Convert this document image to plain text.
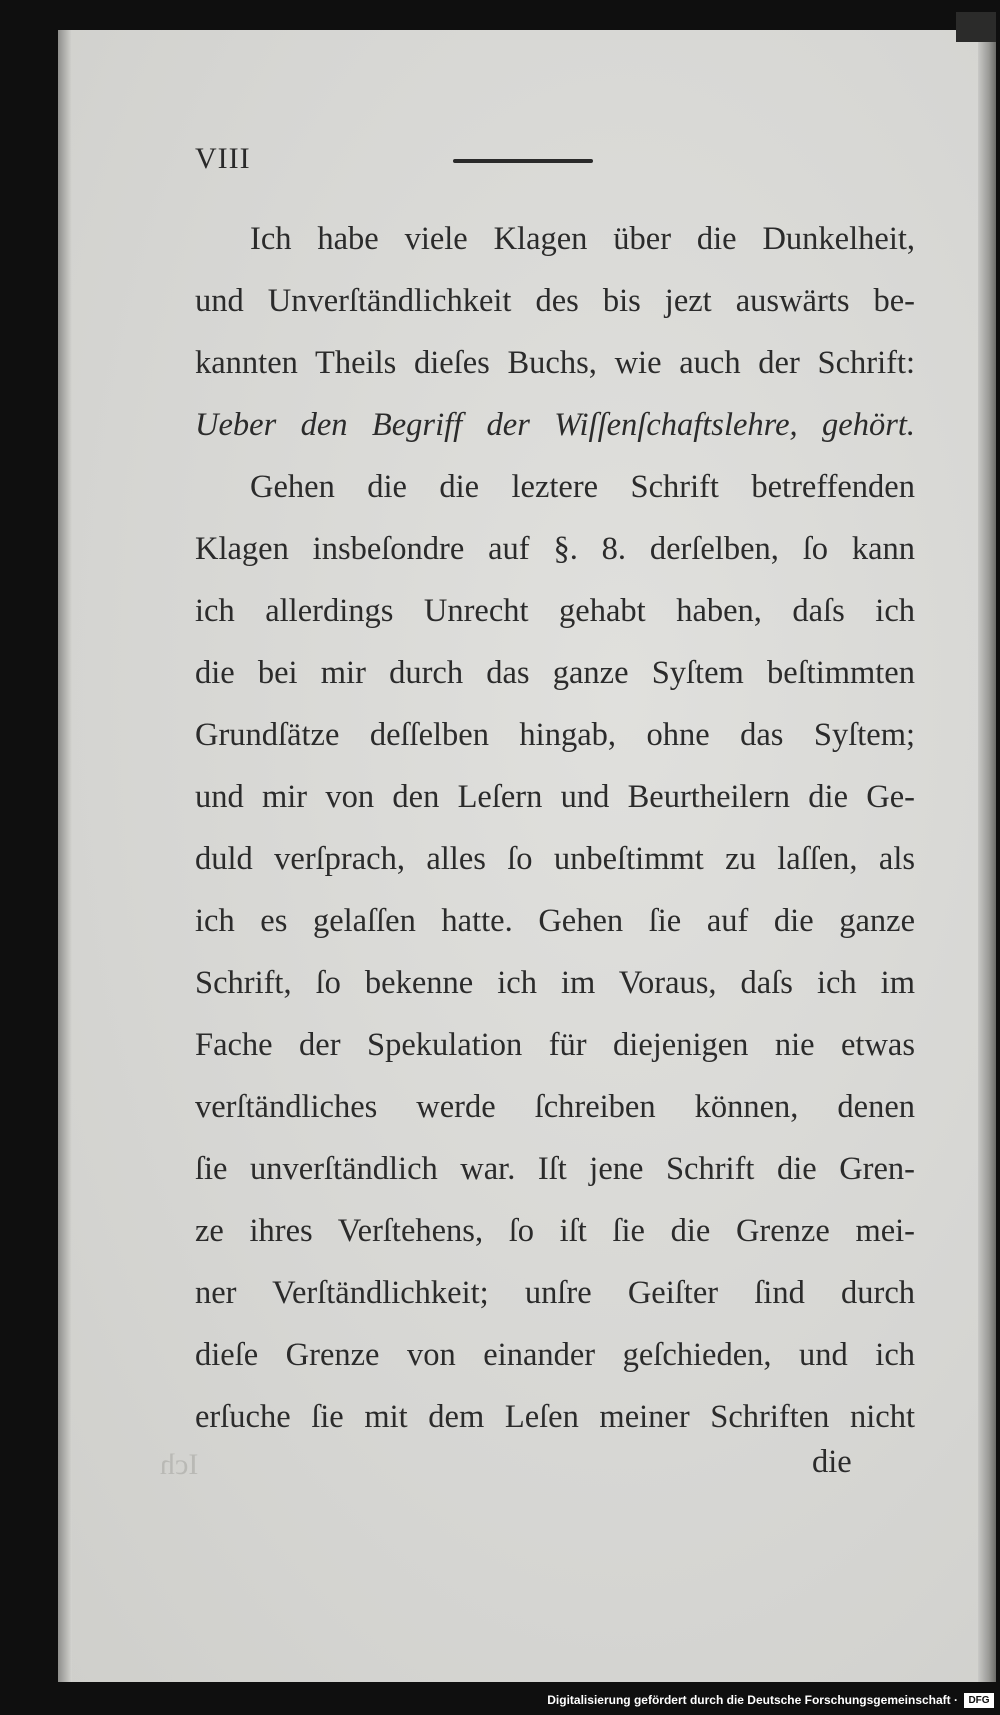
VIII
Ich habe viele Klagen über die Dunkelheit,
und Unverſtändlichkeit des bis jezt auswärts be-
kannten Theils dieſes Buchs, wie auch der Schrift:
Ueber den Begriff der Wiſſenſchaftslehre, gehört.
Gehen die die leztere Schrift betreffenden
Klagen insbeſondre auf §. 8. derſelben, ſo kann
ich allerdings Unrecht gehabt haben, daſs ich
die bei mir durch das ganze Syſtem beſtimmten
Grundſätze deſſelben hingab, ohne das Syſtem;
und mir von den Leſern und Beurtheilern die Ge-
duld verſprach, alles ſo unbeſtimmt zu laſſen, als
ich es gelaſſen hatte. Gehen ſie auf die ganze
Schrift, ſo bekenne ich im Voraus, daſs ich im
Fache der Spekulation für diejenigen nie etwas
verſtändliches werde ſchreiben können, denen
ſie unverſtändlich war. Iſt jene Schrift die Gren-
ze ihres Verſtehens, ſo iſt ſie die Grenze mei-
ner Verſtändlichkeit; unſre Geiſter ſind durch
dieſe Grenze von einander geſchieden, und ich
erſuche ſie mit dem Leſen meiner Schriften nicht
Ich	die
Digitalisierung gefördert durch die Deutsche Forschungsgemeinschaft ·	DFG
